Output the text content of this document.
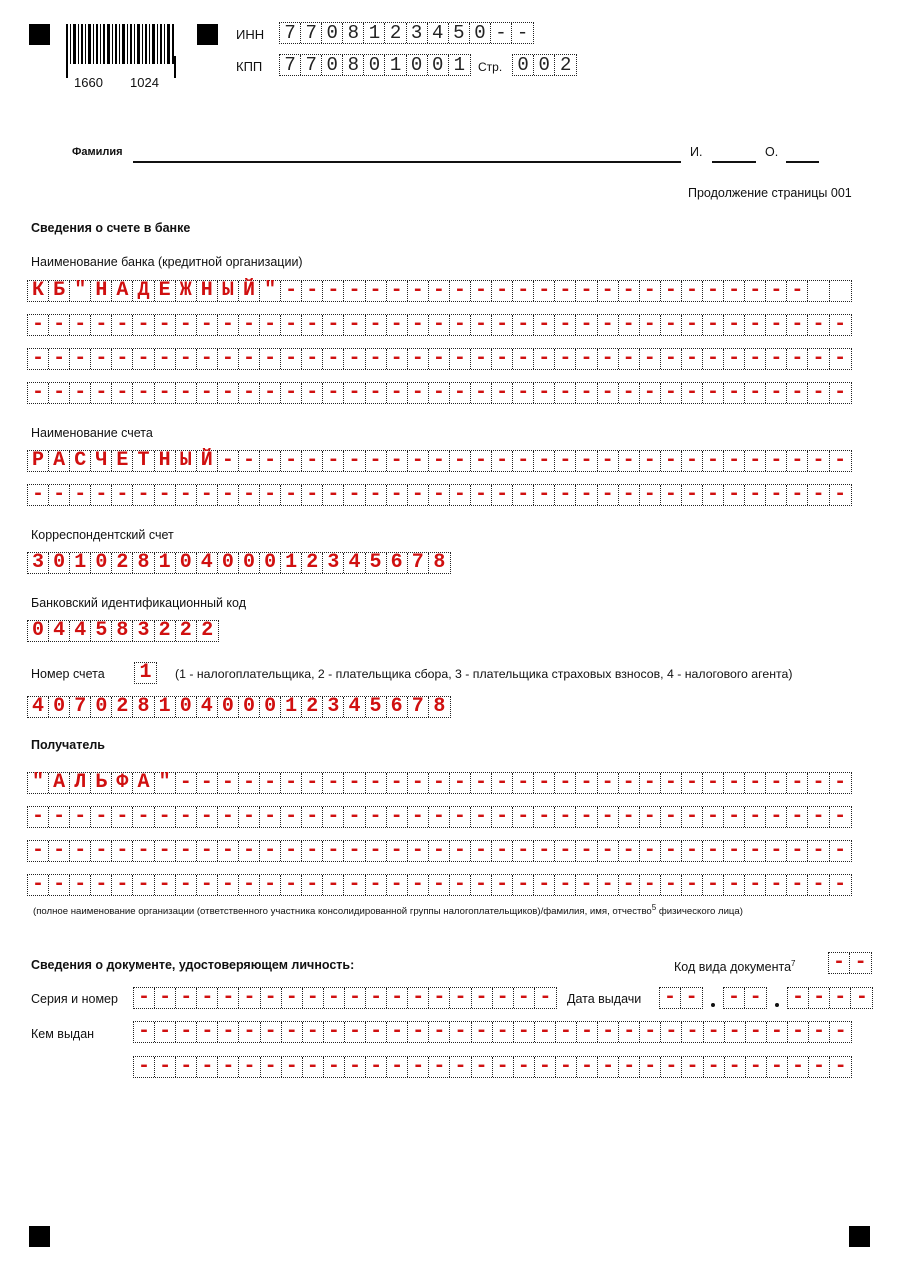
1660 1024
ИНН 7 7 0 8 1 2 3 4 5 0 - -
КПП 7 7 0 8 0 1 0 0 1	Стр. 0 0 2
Фамилия	И.	О.
Продолжение страницы 001
Сведения о счете в банке
Наименование банка (кредитной организации)
К Б " Н А Д Е Ж Н Ы Й " - - - - - - - - - - - - - - - - - - - - - - - - -
- - - - - - - - - - - - - - - - - - - - - - - - - - - - - - - - - - - - - - -
- - - - - - - - - - - - - - - - - - - - - - - - - - - - - - - - - - - - - - -
- - - - - - - - - - - - - - - - - - - - - - - - - - - - - - - - - - - - - - -
Наименование счета
Р А С Ч Е Т Н Ы Й - - - - - - - - - - - - - - - - - - - - - - - - - - - - - -
- - - - - - - - - - - - - - - - - - - - - - - - - - - - - - - - - - - - - - -
Корреспондентский счет
3 0 1 0 2 8 1 0 4 0 0 0 1 2 3 4 5 6 7 8
Банковский идентификационный код
0 4 4 5 8 3 2 2 2
Номер счета 1	(1 - налогоплательщика, 2 - плательщика сбора, 3 - плательщика страховых взносов, 4 - налогового агента)
4 0 7 0 2 8 1 0 4 0 0 0 1 2 3 4 5 6 7 8
Получатель
" А Л Ь Ф А " - - - - - - - - - - - - - - - - - - - - - - - - - - - - - - - -
- - - - - - - - - - - - - - - - - - - - - - - - - - - - - - - - - - - - - - -
- - - - - - - - - - - - - - - - - - - - - - - - - - - - - - - - - - - - - - -
- - - - - - - - - - - - - - - - - - - - - - - - - - - - - - - - - - - - - - -
(полное наименование организации (ответственного участника консолидированной группы налогоплательщиков)/фамилия, имя, отчество$^5$ физического лица)
Сведения о документе, удостоверяющем личность:	Код вида документа$^7$ - -
Серия и номер - - - - - - - - - - - - - - - - - - - -	Дата выдачи - - - - - - - -
Кем выдан - - - - - - - - - - - - - - - - - - - - - - - - - - - - - - - - - -
- - - - - - - - - - - - - - - - - - - - - - - - - - - - - - - - - -
